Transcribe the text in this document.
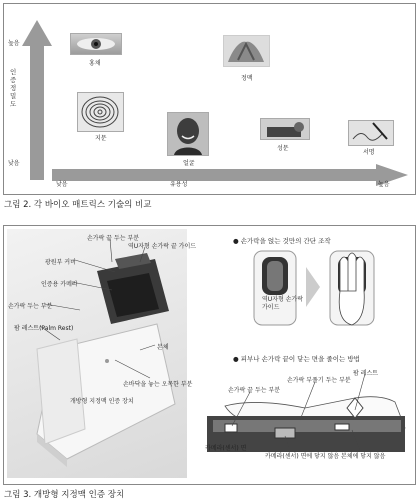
높음
인증정밀도
낮음
낮음	유용성	높음
홍채
정맥
지문
얼굴
성문
서명
그림 2. 각 바이오 매트릭스 기술의 비교
손가락 끝 두는 부분
역U자형 손가락 끝 가이드
광원부 커버
인증용 카메라
손가락 두는 부분
팜 레스트(Palm Rest)
본체
손바닥을 놓는 오목한 부분
개방형 지정맥 인증 장치
● 손가락을 얹는 것만의 간단 조작
역U자형 손가락 가이드
● 피부나 손가락 끝이 닿는 면을 줄이는 방법
손가락 끝 두는 부분
손가락 부풀기 두는 부분
팜 레스트
카메라(센서) 면
카메라(센서) 면에 닿지 않음 본체에 닿지 않음
그림 3. 개방형 지정맥 인증 장치
